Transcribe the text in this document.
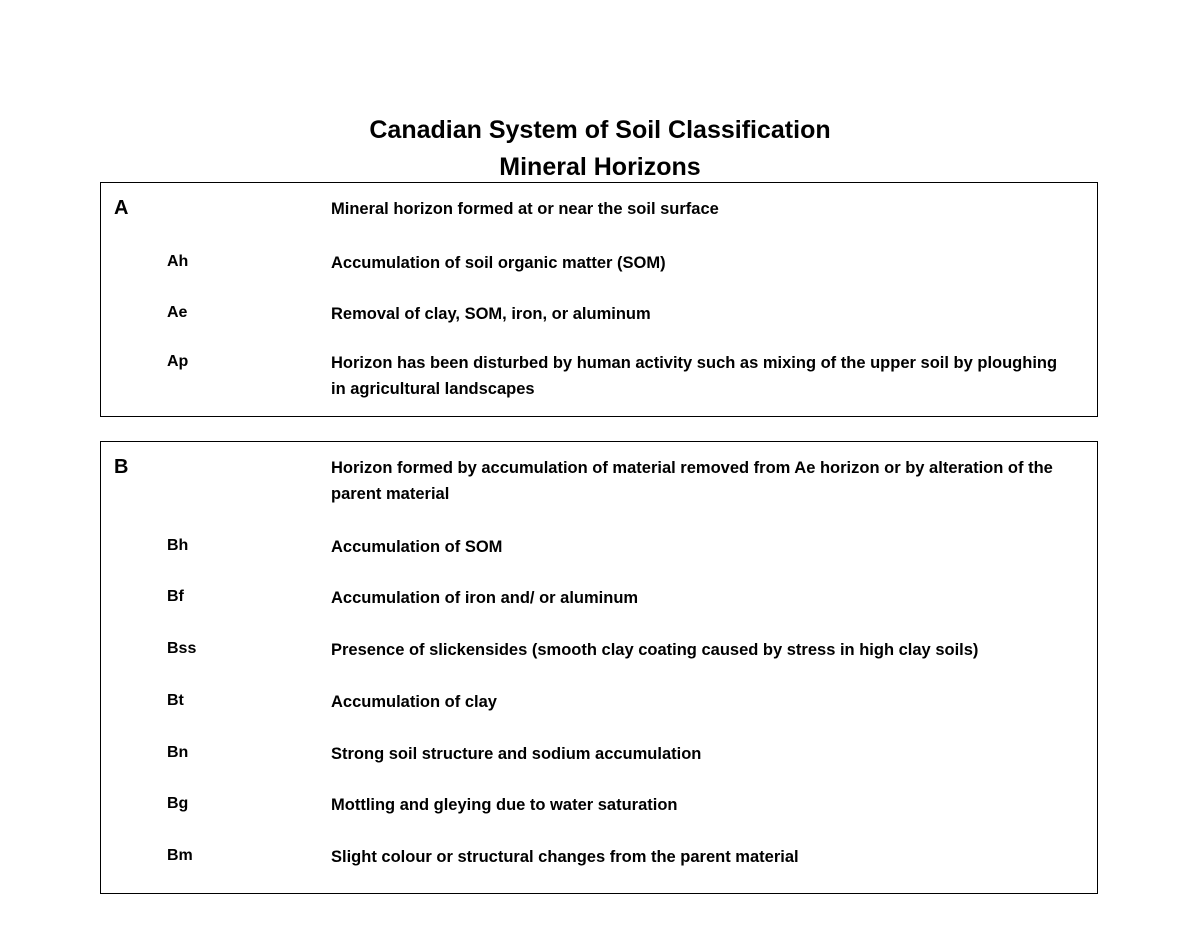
Canadian System of Soil Classification
Mineral Horizons
A	Mineral horizon formed at or near the soil surface
Ah	Accumulation of soil organic matter (SOM)
Ae	Removal of clay, SOM, iron, or aluminum
Ap	Horizon has been disturbed by human activity such as mixing of the upper soil by ploughing in agricultural landscapes
B	Horizon formed by accumulation of material removed from Ae horizon or by alteration of the parent material
Bh	Accumulation of SOM
Bf	Accumulation of iron and/ or aluminum
Bss	Presence of slickensides (smooth clay coating caused by stress in high clay soils)
Bt	Accumulation of clay
Bn	Strong soil structure and sodium accumulation
Bg	Mottling and gleying due to water saturation
Bm	Slight colour or structural changes from the parent material
